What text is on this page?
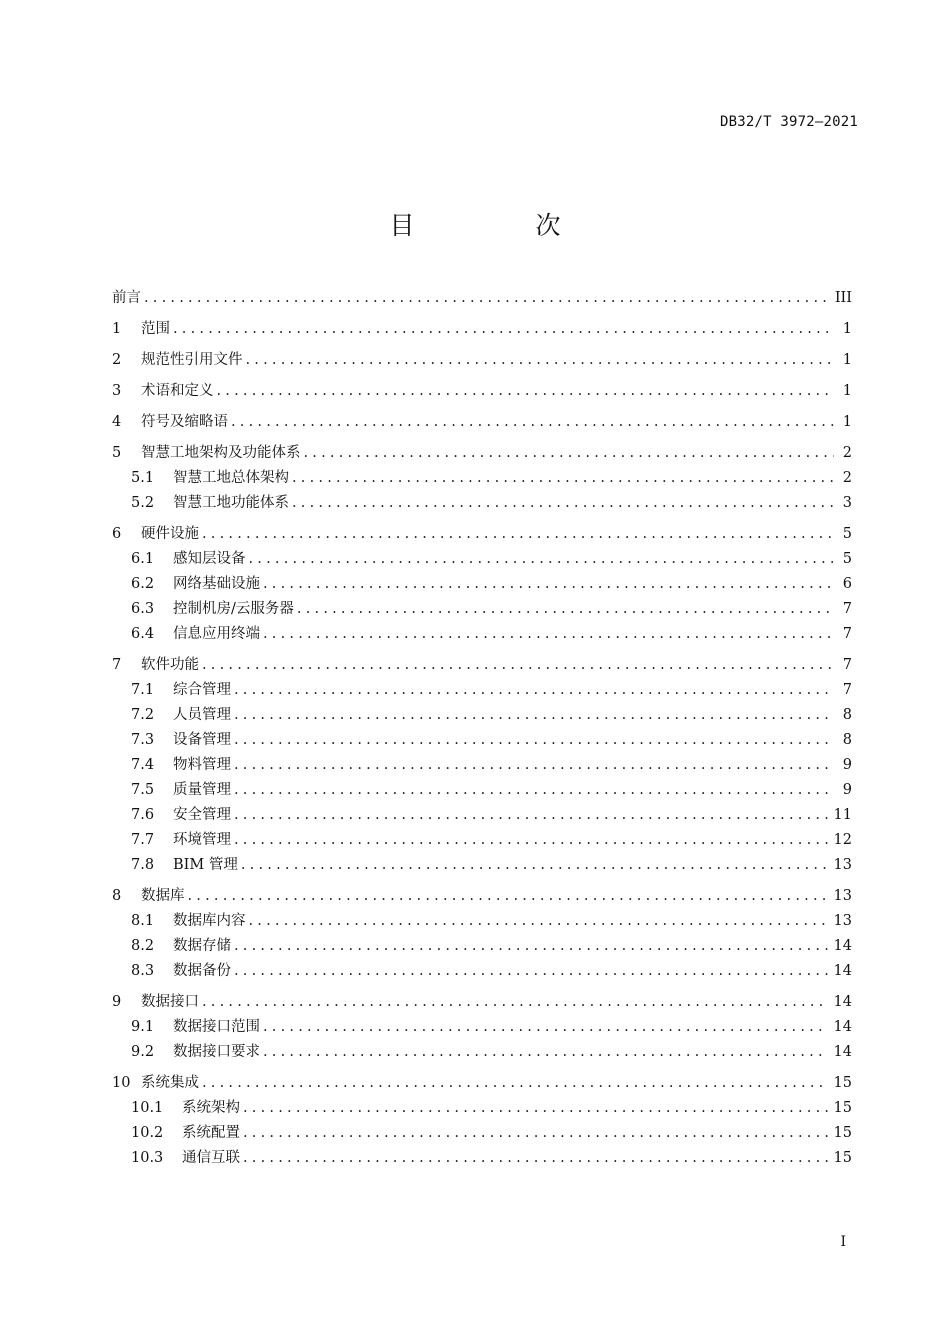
DB32/T 3972—2021
目　次
前言 .....	III
1	范围 .....	1
2	规范性引用文件 .....	1
3	术语和定义 .....	1
4	符号及缩略语 .....	1
5	智慧工地架构及功能体系 .....	2
5.1	智慧工地总体架构 .....	2
5.2	智慧工地功能体系 .....	3
6	硬件设施 .....	5
6.1	感知层设备 .....	5
6.2	网络基础设施 .....	6
6.3	控制机房/云服务器 .....	7
6.4	信息应用终端 .....	7
7	软件功能 .....	7
7.1	综合管理 .....	7
7.2	人员管理 .....	8
7.3	设备管理 .....	8
7.4	物料管理 .....	9
7.5	质量管理 .....	9
7.6	安全管理 .....	11
7.7	环境管理 .....	12
7.8	BIM 管理 .....	13
8	数据库 .....	13
8.1	数据库内容 .....	13
8.2	数据存储 .....	14
8.3	数据备份 .....	14
9	数据接口 .....	14
9.1	数据接口范围 .....	14
9.2	数据接口要求 .....	14
10 系统集成 .....	15
10.1	系统架构 .....	15
10.2	系统配置 .....	15
10.3	通信互联 .....	15
I
